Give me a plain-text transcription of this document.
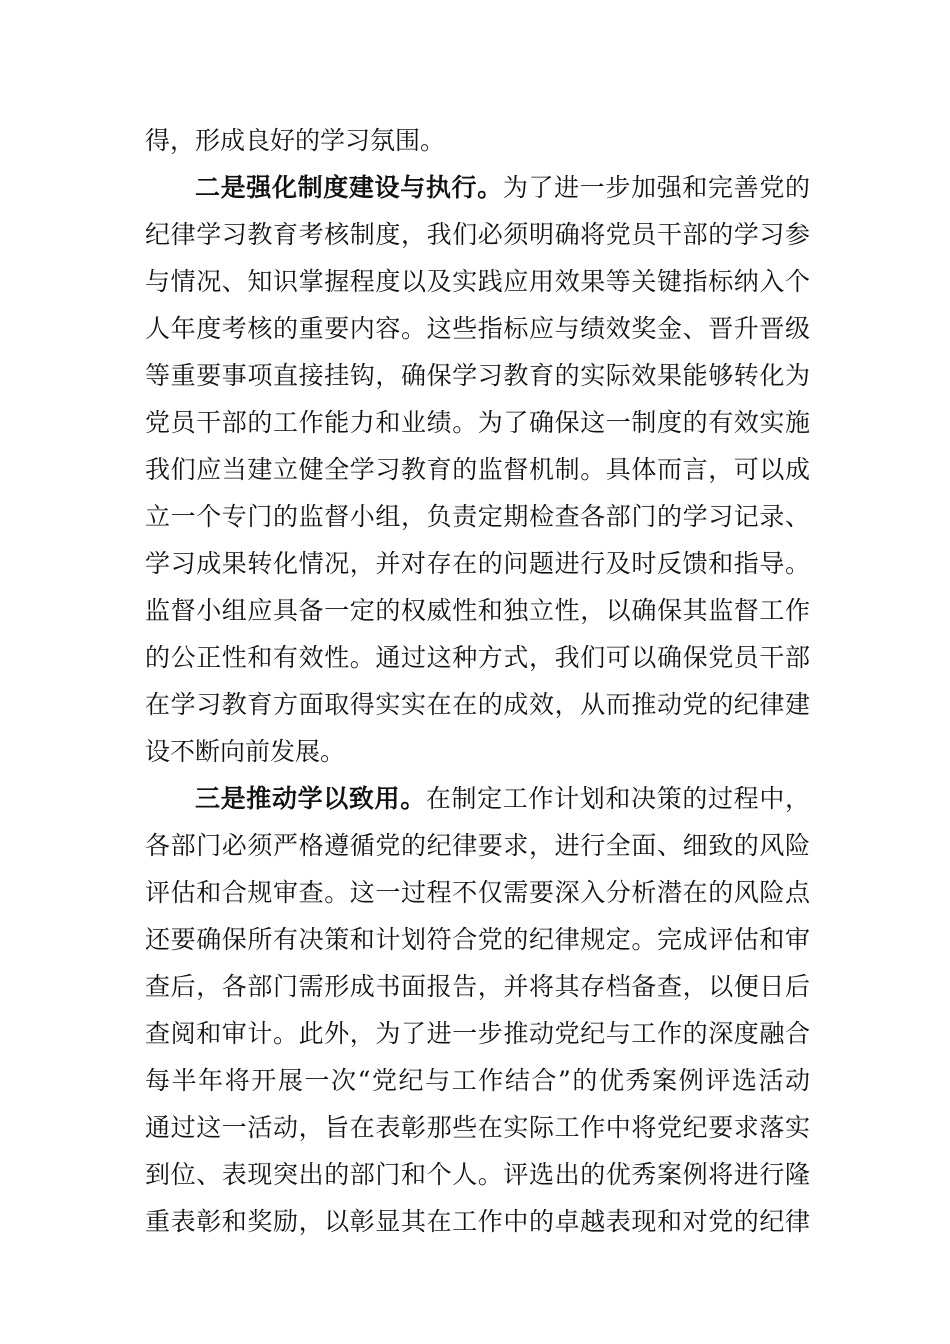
得，形成良好的学习氛围。
二是强化制度建设与执行。为了进一步加强和完善党的
纪律学习教育考核制度，我们必须明确将党员干部的学习参
与情况、知识掌握程度以及实践应用效果等关键指标纳入个
人年度考核的重要内容。这些指标应与绩效奖金、晋升晋级
等重要事项直接挂钩，确保学习教育的实际效果能够转化为
党员干部的工作能力和业绩。为了确保这一制度的有效实施
我们应当建立健全学习教育的监督机制。具体而言，可以成
立一个专门的监督小组，负责定期检查各部门的学习记录、
学习成果转化情况，并对存在的问题进行及时反馈和指导。
监督小组应具备一定的权威性和独立性，以确保其监督工作
的公正性和有效性。通过这种方式，我们可以确保党员干部
在学习教育方面取得实实在在的成效，从而推动党的纪律建
设不断向前发展。
三是推动学以致用。在制定工作计划和决策的过程中，
各部门必须严格遵循党的纪律要求，进行全面、细致的风险
评估和合规审查。这一过程不仅需要深入分析潜在的风险点
还要确保所有决策和计划符合党的纪律规定。完成评估和审
查后，各部门需形成书面报告，并将其存档备查，以便日后
查阅和审计。此外，为了进一步推动党纪与工作的深度融合
每半年将开展一次“党纪与工作结合”的优秀案例评选活动
通过这一活动，旨在表彰那些在实际工作中将党纪要求落实
到位、表现突出的部门和个人。评选出的优秀案例将进行隆
重表彰和奖励，以彰显其在工作中的卓越表现和对党的纪律
